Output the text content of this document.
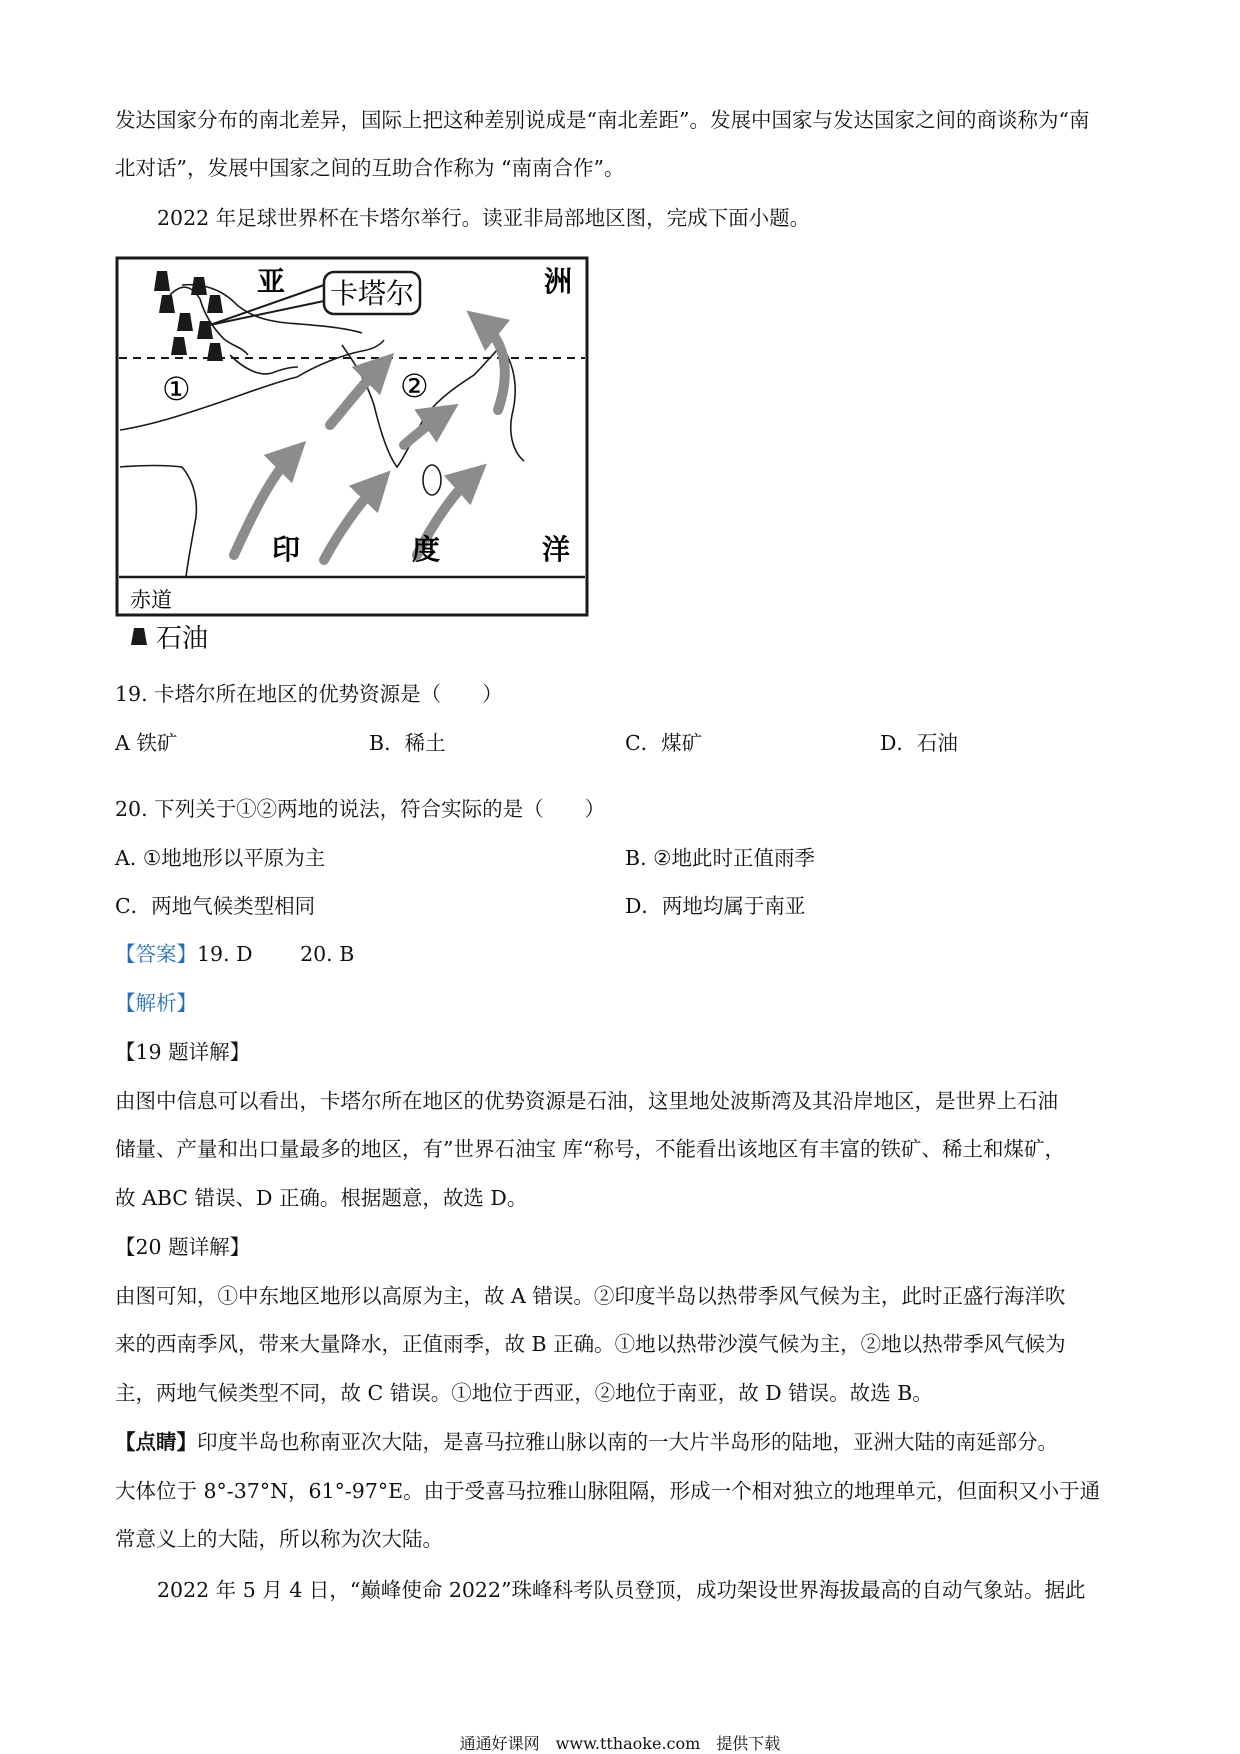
发达国家分布的南北差异，国际上把这种差别说成是“南北差距”。发展中国家与发达国家之间的商谈称为“南
北对话”，发展中国家之间的互助合作称为 “南南合作”。
2022 年足球世界杯在卡塔尔举行。读亚非局部地区图，完成下面小题。
卡塔尔
亚	洲
①	②
印	度	洋
赤道
石油
19. 卡塔尔所在地区的优势资源是（　　）
A 铁矿	B．稀土	C．煤矿	D．石油
20. 下列关于①②两地的说法，符合实际的是（　　）
A. ①地地形以平原为主	B. ②地此时正值雨季
C．两地气候类型相同	D．两地均属于南亚
【答案】19. D　　 20. B
【解析】
【19 题详解】
由图中信息可以看出，卡塔尔所在地区的优势资源是石油，这里地处波斯湾及其沿岸地区，是世界上石油
储量、产量和出口量最多的地区，有”世界石油宝 库“称号，不能看出该地区有丰富的铁矿、稀土和煤矿，
故 ABC 错误、D 正确。根据题意，故选 D。
【20 题详解】
由图可知，①中东地区地形以高原为主，故 A 错误。②印度半岛以热带季风气候为主，此时正盛行海洋吹
来的西南季风，带来大量降水，正值雨季，故 B 正确。①地以热带沙漠气候为主，②地以热带季风气候为
主，两地气候类型不同，故 C 错误。①地位于西亚，②地位于南亚，故 D 错误。故选 B。
【点睛】印度半岛也称南亚次大陆，是喜马拉雅山脉以南的一大片半岛形的陆地，亚洲大陆的南延部分。
大体位于 8°-37°N，61°-97°E。由于受喜马拉雅山脉阻隔，形成一个相对独立的地理单元，但面积又小于通
常意义上的大陆，所以称为次大陆。
2022 年 5 月 4 日，“巅峰使命 2022”珠峰科考队员登顶，成功架设世界海拔最高的自动气象站。据此
通通好课网　www.tthaoke.com　提供下载
